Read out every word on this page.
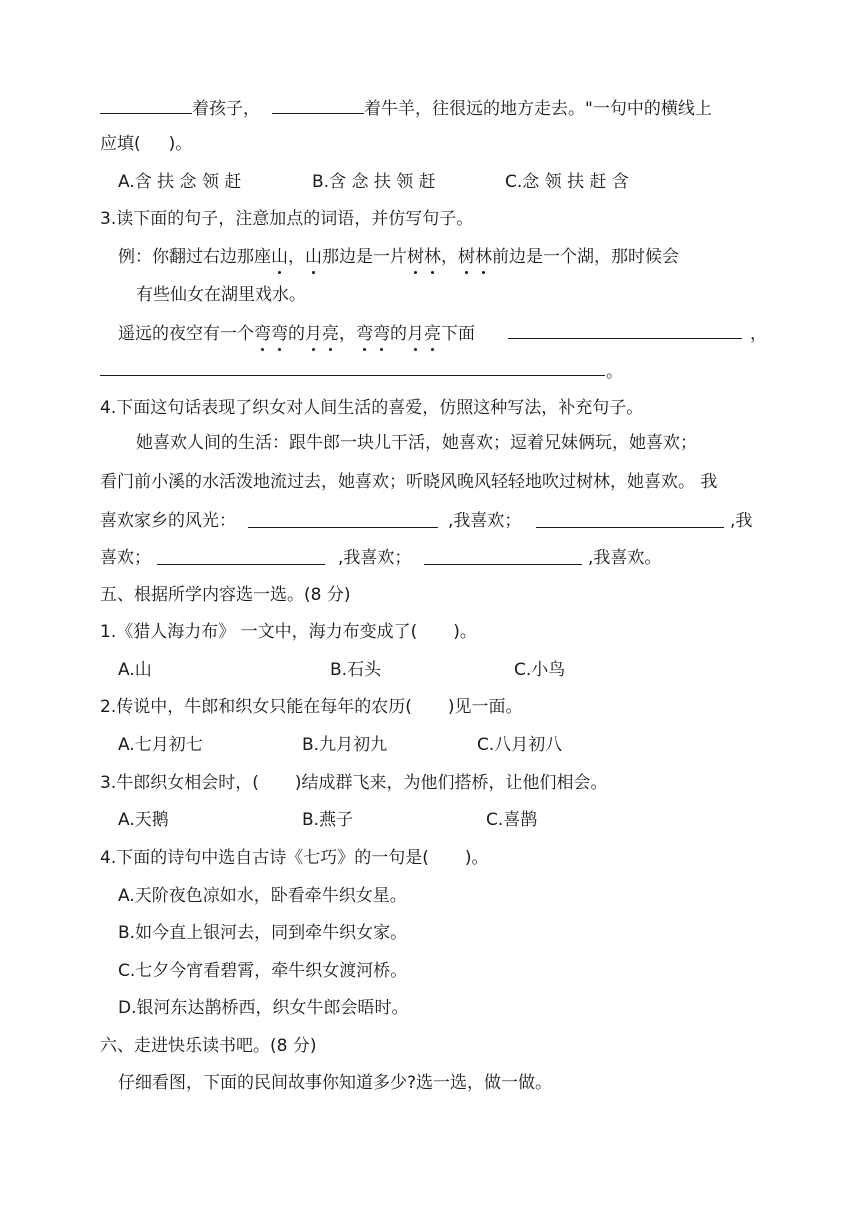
着孩子，	着牛羊，往很远的地方走去。"一句中的横线上
应填( )。
A.含 扶 念 领 赶	B.含 念 扶 领 赶	C.念 领 扶 赶 含
3.读下面的句子，注意加点的词语，并仿写句子。
例：你翻过右边那座山，山那边是一片树林，树林前边是一个湖，那时候会
有些仙女在湖里戏水。
遥远的夜空有一个弯弯的月亮，弯弯的月亮下面	，
。
4.下面这句话表现了织女对人间生活的喜爱，仿照这种写法，补充句子。
她喜欢人间的生活：跟牛郎一块儿干活，她喜欢；逗着兄妹俩玩，她喜欢；
看门前小溪的水活泼地流过去，她喜欢；听晓风晚风轻轻地吹过树林，她喜欢。 我
喜欢家乡的风光：	,我喜欢；	,我
喜欢；	,我喜欢；	,我喜欢。
五、根据所学内容选一选。(8 分)
1.《猎人海力布》 一文中，海力布变成了( )。
A.山	B.石头	C.小鸟
2.传说中，牛郎和织女只能在每年的农历( )见一面。
A.七月初七	B.九月初九	C.八月初八
3.牛郎织女相会时，( )结成群飞来，为他们搭桥，让他们相会。
A.天鹅	B.燕子	C.喜鹊
4.下面的诗句中选自古诗《七巧》的一句是( )。
A.天阶夜色凉如水，卧看牵牛织女星。
B.如今直上银河去，同到牵牛织女家。
C.七夕今宵看碧霄，牵牛织女渡河桥。
D.银河东达鹊桥西，织女牛郎会晤时。
六、走进快乐读书吧。(8 分)
仔细看图，下面的民间故事你知道多少?选一选，做一做。
